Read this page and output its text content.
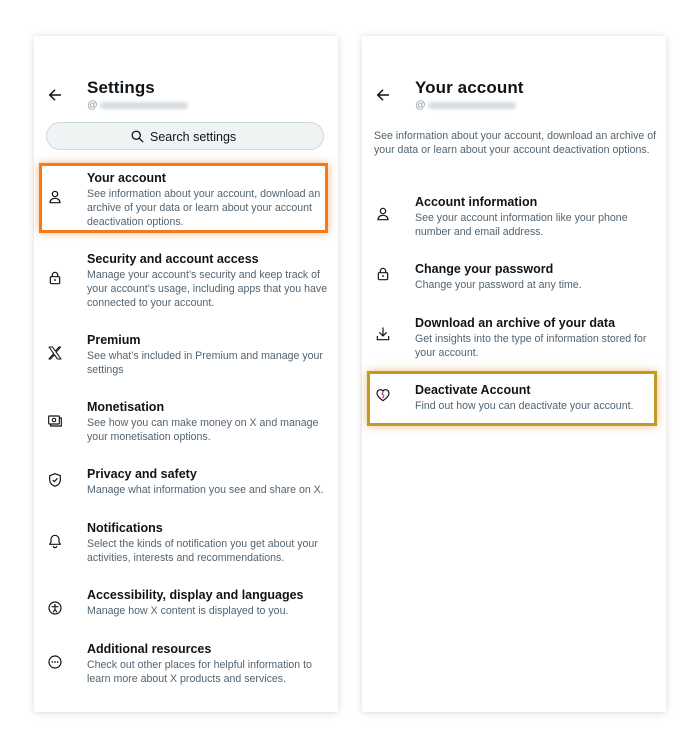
Settings
@
Search settings
Your account
See information about your account, download an archive of your data or learn about your account deactivation options.
Security and account access
Manage your account’s security and keep track of your account’s usage, including apps that you have connected to your account.
Premium
See what’s included in Premium and manage your settings
Monetisation
See how you can make money on X and manage your monetisation options.
Privacy and safety
Manage what information you see and share on X.
Notifications
Select the kinds of notification you get about your activities, interests and recommendations.
Accessibility, display and languages
Manage how X content is displayed to you.
Additional resources
Check out other places for helpful information to learn more about X products and services.
Your account
@
See information about your account, download an archive of your data or learn about your account deactivation options.
Account information
See your account information like your phone number and email address.
Change your password
Change your password at any time.
Download an archive of your data
Get insights into the type of information stored for your account.
Deactivate Account
Find out how you can deactivate your account.
